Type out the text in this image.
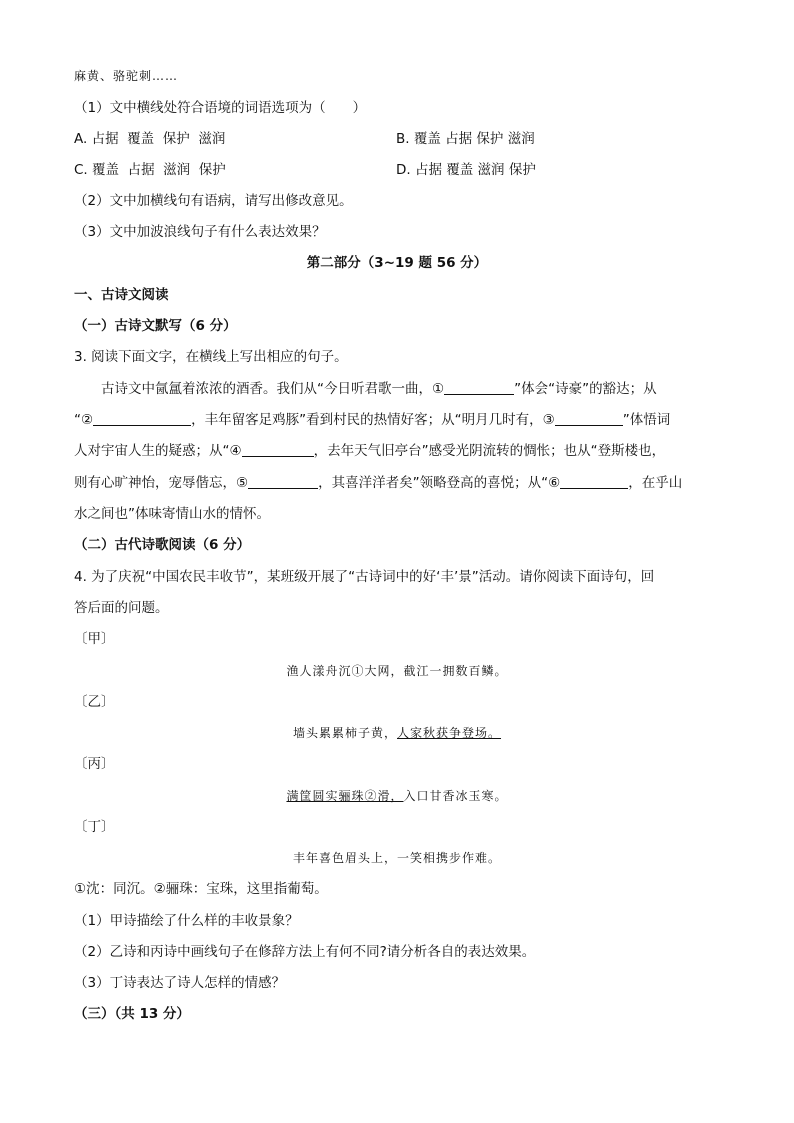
麻黄、骆驼刺……
（1）文中横线处符合语境的词语选项为（　　）
A. 占据  覆盖  保护  滋润	B. 覆盖 占据 保护 滋润
C. 覆盖  占据  滋润  保护	D. 占据 覆盖 滋润 保护
（2）文中加横线句有语病，请写出修改意见。
（3）文中加波浪线句子有什么表达效果？
第二部分（3~19 题 56 分）
一、古诗文阅读
（一）古诗文默写（6 分）
3. 阅读下面文字，在横线上写出相应的句子。
古诗文中氤氲着浓浓的酒香。我们从“今日听君歌一曲，①	”体会“诗豪”的豁达；从
“②	，丰年留客足鸡豚”看到村民的热情好客；从“明月几时有，③	”体悟词
人对宇宙人生的疑惑；从“④	，去年天气旧亭台”感受光阴流转的惆怅；也从“登斯楼也，
则有心旷神怡，宠辱偕忘，⑤	，其喜洋洋者矣”领略登高的喜悦；从“⑥	，在乎山
水之间也”体味寄情山水的情怀。
（二）古代诗歌阅读（6 分）
4. 为了庆祝“中国农民丰收节”，某班级开展了“古诗词中的好‘丰’景”活动。请你阅读下面诗句，回
答后面的问题。
〔甲〕
渔人漾舟沉①大网，截江一拥数百鳞。
〔乙〕
墙头累累柿子黄，人家秋获争登场。
〔丙〕
满筐圆实骊珠②滑，入口甘香冰玉寒。
〔丁〕
丰年喜色眉头上，一笑相携步作难。
①沈：同沉。②骊珠：宝珠，这里指葡萄。
（1）甲诗描绘了什么样的丰收景象？
（2）乙诗和丙诗中画线句子在修辞方法上有何不同?请分析各自的表达效果。
（3）丁诗表达了诗人怎样的情感？
（三）（共 13 分）
